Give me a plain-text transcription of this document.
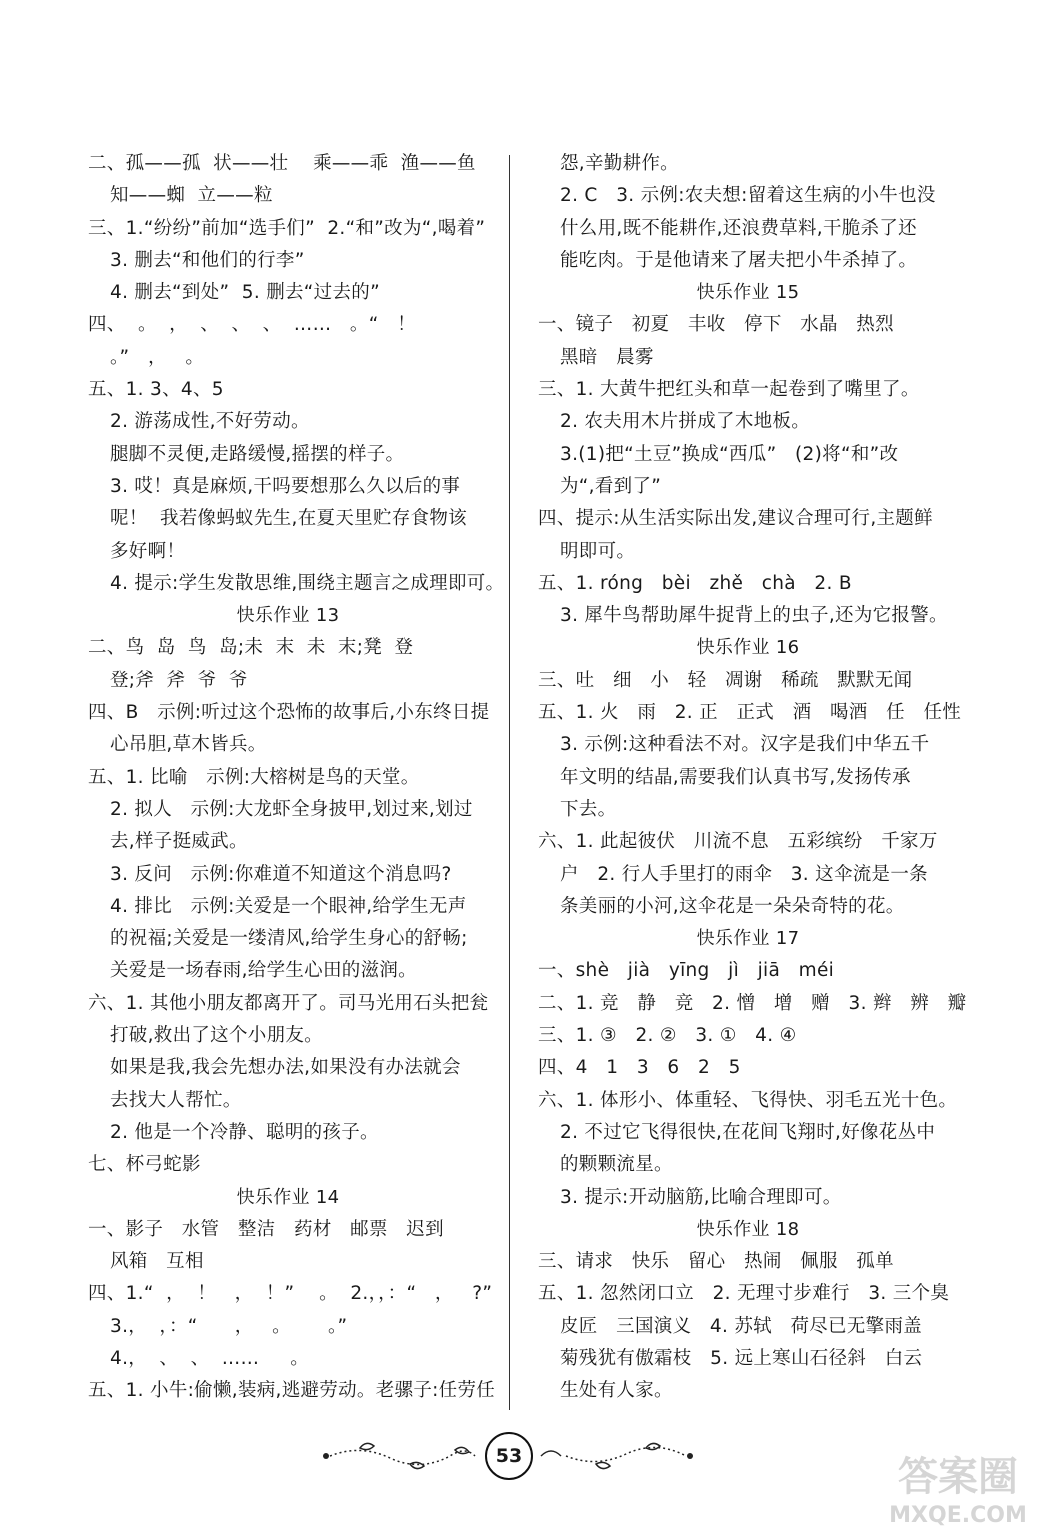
二、孤——孤  状——壮    乘——乖  渔——鱼
知——蜘  立——粒
三、1.“纷纷”前加“选手们”  2.“和”改为“,喝着”
3. 删去“和他们的行李”
4. 删去“到处”  5. 删去“过去的”
四、  。  ，  、  、  、  ……   。“   ！
。”   ，   。
五、1. 3、4、5
2. 游荡成性,不好劳动。
腿脚不灵便,走路缓慢,摇摆的样子。
3. 哎！真是麻烦,干吗要想那么久以后的事
呢！  我若像蚂蚁先生,在夏天里贮存食物该
多好啊！
4. 提示:学生发散思维,围绕主题言之成理即可。
快乐作业 13
二、鸟  岛  鸟  岛;未  末  未  末;凳  登
登;斧  斧  爷  爷
四、B   示例:听过这个恐怖的故事后,小东终日提
心吊胆,草木皆兵。
五、1. 比喻   示例:大榕树是鸟的天堂。
2. 拟人   示例:大龙虾全身披甲,划过来,划过
去,样子挺威武。
3. 反问   示例:你难道不知道这个消息吗?
4. 排比   示例:关爱是一个眼神,给学生无声
的祝福;关爱是一缕清风,给学生身心的舒畅;
关爱是一场春雨,给学生心田的滋润。
六、1. 其他小朋友都离开了。司马光用石头把瓮
打破,救出了这个小朋友。
如果是我,我会先想办法,如果没有办法就会
去找大人帮忙。
2. 他是一个冷静、聪明的孩子。
七、杯弓蛇影
快乐作业 14
一、影子   水管   整洁   药材   邮票   迟到
风箱   互相
四、1.“  ，  ！   ，  ！”    。  2.，，：“   ，   ?”
3.，  ，：“      ，   。      。”
4.，  、  、  ……     。
五、1. 小牛:偷懒,装病,逃避劳动。老骡子:任劳任
怨,辛勤耕作。
2. C   3. 示例:农夫想:留着这生病的小牛也没
什么用,既不能耕作,还浪费草料,干脆杀了还
能吃肉。于是他请来了屠夫把小牛杀掉了。
快乐作业 15
一、镜子   初夏   丰收   停下   水晶   热烈
黑暗   晨雾
三、1. 大黄牛把红头和草一起卷到了嘴里了。
2. 农夫用木片拼成了木地板。
3.(1)把“土豆”换成“西瓜”   (2)将“和”改
为“,看到了”
四、提示:从生活实际出发,建议合理可行,主题鲜
明即可。
五、1. róng   bèi   zhě   chà   2. B
3. 犀牛鸟帮助犀牛捉背上的虫子,还为它报警。
快乐作业 16
三、吐   细   小   轻   凋谢   稀疏   默默无闻
五、1. 火   雨   2. 正   正式   酒   喝酒   任   任性
3. 示例:这种看法不对。汉字是我们中华五千
年文明的结晶,需要我们认真书写,发扬传承
下去。
六、1. 此起彼伏   川流不息   五彩缤纷   千家万
户   2. 行人手里打的雨伞   3. 这伞流是一条
条美丽的小河,这伞花是一朵朵奇特的花。
快乐作业 17
一、shè   jià   yīng   jì   jiā   méi
二、1. 竞   静   竞   2. 憎   增   赠   3. 辫   辨   瓣
三、1. ③   2. ②   3. ①   4. ④
四、4   1   3   6   2   5
六、1. 体形小、体重轻、飞得快、羽毛五光十色。
2. 不过它飞得很快,在花间飞翔时,好像花丛中
的颗颗流星。
3. 提示:开动脑筋,比喻合理即可。
快乐作业 18
三、请求   快乐   留心   热闹   佩服   孤单
五、1. 忽然闭口立   2. 无理寸步难行   3. 三个臭
皮匠   三国演义   4. 苏轼   荷尽已无擎雨盖
菊残犹有傲霜枝   5. 远上寒山石径斜   白云
生处有人家。
53	答案圈
MXQE.COM
